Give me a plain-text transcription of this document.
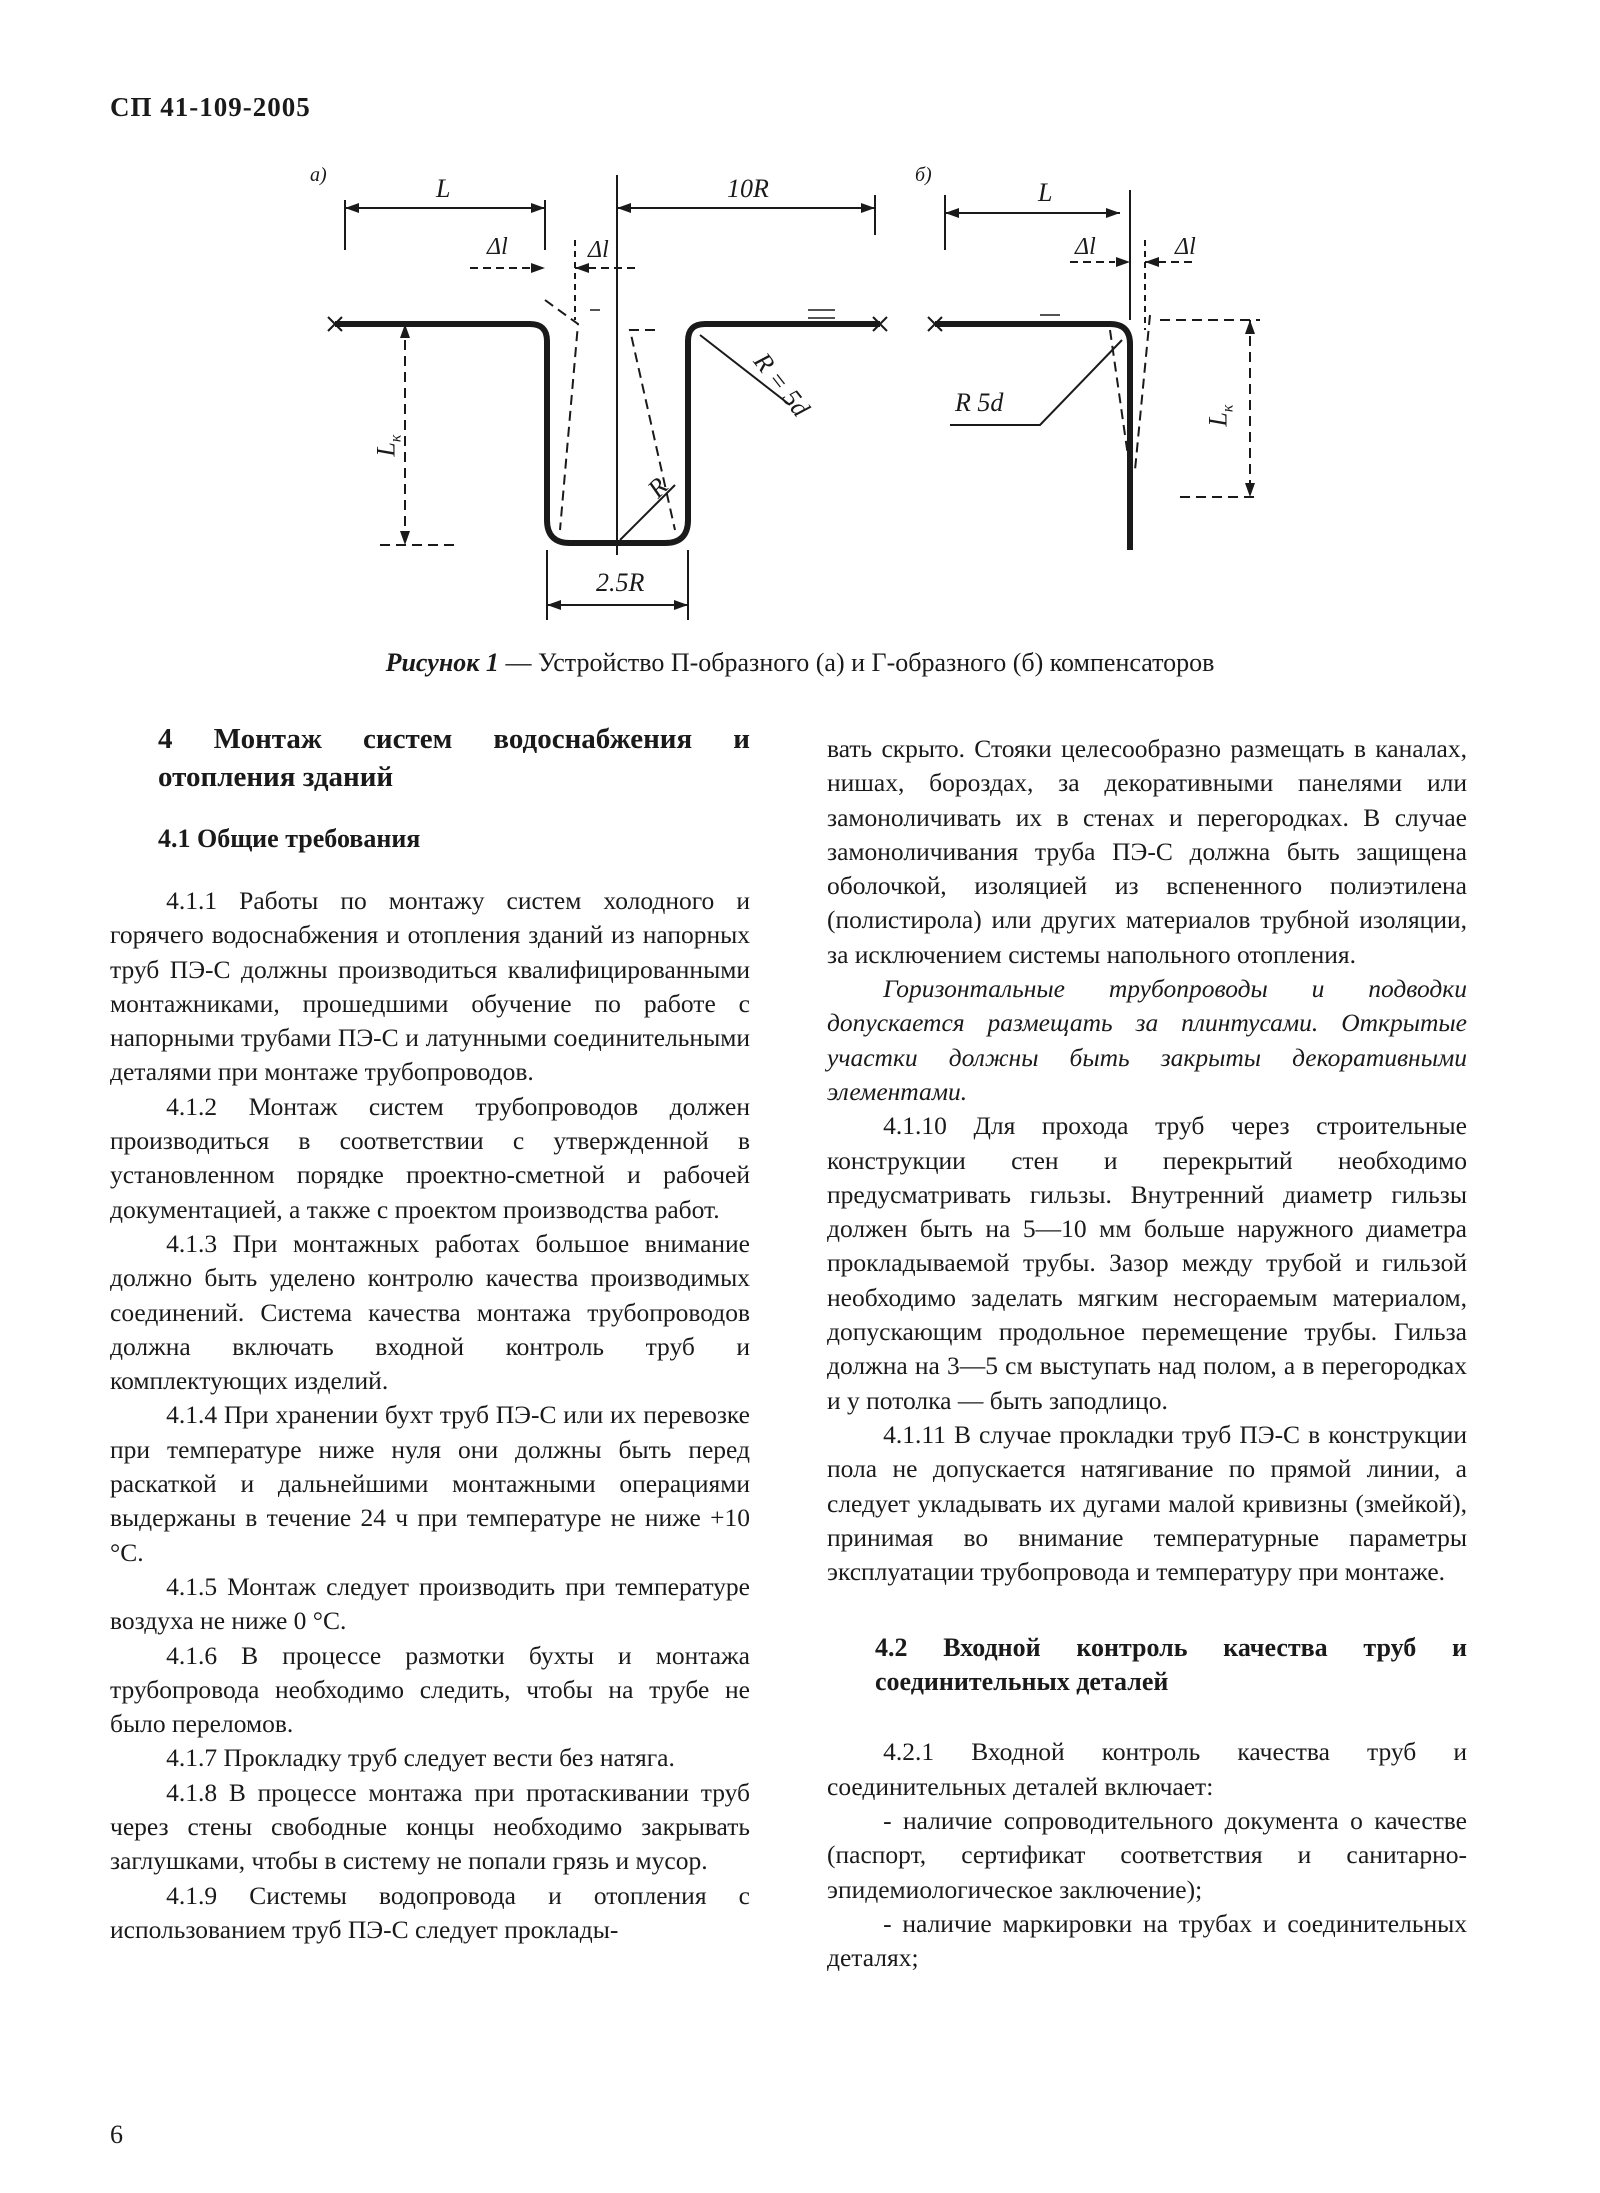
СП 41-109-2005
а)	L	10R
Δl	Δl
$L_к$
R = 5d
R
2.5R
б)
L
Δl	Δl
R 5d
$L_к$
Рисунок 1 — Устройство П-образного (а) и Г-образного (б) компенсаторов
4 Монтаж систем водоснабжения и отопления зданий
4.1 Общие требования

4.1.1 Работы по монтажу систем холодного и горячего водоснабжения и отопления зданий из напорных труб ПЭ-С должны производиться квалифицированными монтажниками, прошедшими обучение по работе с напорными трубами ПЭ-С и латунными соединительными деталями при монтаже трубопроводов.

4.1.2 Монтаж систем трубопроводов должен производиться в соответствии с утвержденной в установленном порядке проектно-сметной и рабочей документацией, а также с проектом производства работ.

4.1.3 При монтажных работах большое внимание должно быть уделено контролю качества производимых соединений. Система качества монтажа трубопроводов должна включать входной контроль труб и комплектующих изделий.

4.1.4 При хранении бухт труб ПЭ-С или их перевозке при температуре ниже нуля они должны быть перед раскаткой и дальнейшими монтажными операциями выдержаны в течение 24 ч при температуре не ниже +10 °С.

4.1.5 Монтаж следует производить при температуре воздуха не ниже 0 °С.

4.1.6 В процессе размотки бухты и монтажа трубопровода необходимо следить, чтобы на трубе не было переломов.

4.1.7 Прокладку труб следует вести без натяга.

4.1.8 В процессе монтажа при протаскивании труб через стены свободные концы необходимо закрывать заглушками, чтобы в систему не попали грязь и мусор.

4.1.9 Системы водопровода и отопления с использованием труб ПЭ-С следует проклады-

вать скрыто. Стояки целесообразно размещать в каналах, нишах, бороздах, за декоративными панелями или замоноличивать их в стенах и перегородках. В случае замоноличивания труба ПЭ-С должна быть защищена оболочкой, изоляцией из вспененного полиэтилена (полистирола) или других материалов трубной изоляции, за исключением системы напольного отопления.

Горизонтальные трубопроводы и подводки допускается размещать за плинтусами. Открытые участки должны быть закрыты декоративными элементами.

4.1.10 Для прохода труб через строительные конструкции стен и перекрытий необходимо предусматривать гильзы. Внутренний диаметр гильзы должен быть на 5—10 мм больше наружного диаметра прокладываемой трубы. Зазор между трубой и гильзой необходимо заделать мягким несгораемым материалом, допускающим продольное перемещение трубы. Гильза должна на 3—5 см выступать над полом, а в перегородках и у потолка — быть заподлицо.

4.1.11 В случае прокладки труб ПЭ-С в конструкции пола не допускается натягивание по прямой линии, а следует укладывать их дугами малой кривизны (змейкой), принимая во внимание температурные параметры эксплуатации трубопровода и температуру при монтаже.

4.2 Входной контроль качества труб и соединительных деталей

4.2.1 Входной контроль качества труб и соединительных деталей включает:

- наличие сопроводительного документа о качестве (паспорт, сертификат соответствия и санитарно-эпидемиологическое заключение);

- наличие маркировки на трубах и соединительных деталях;

6
